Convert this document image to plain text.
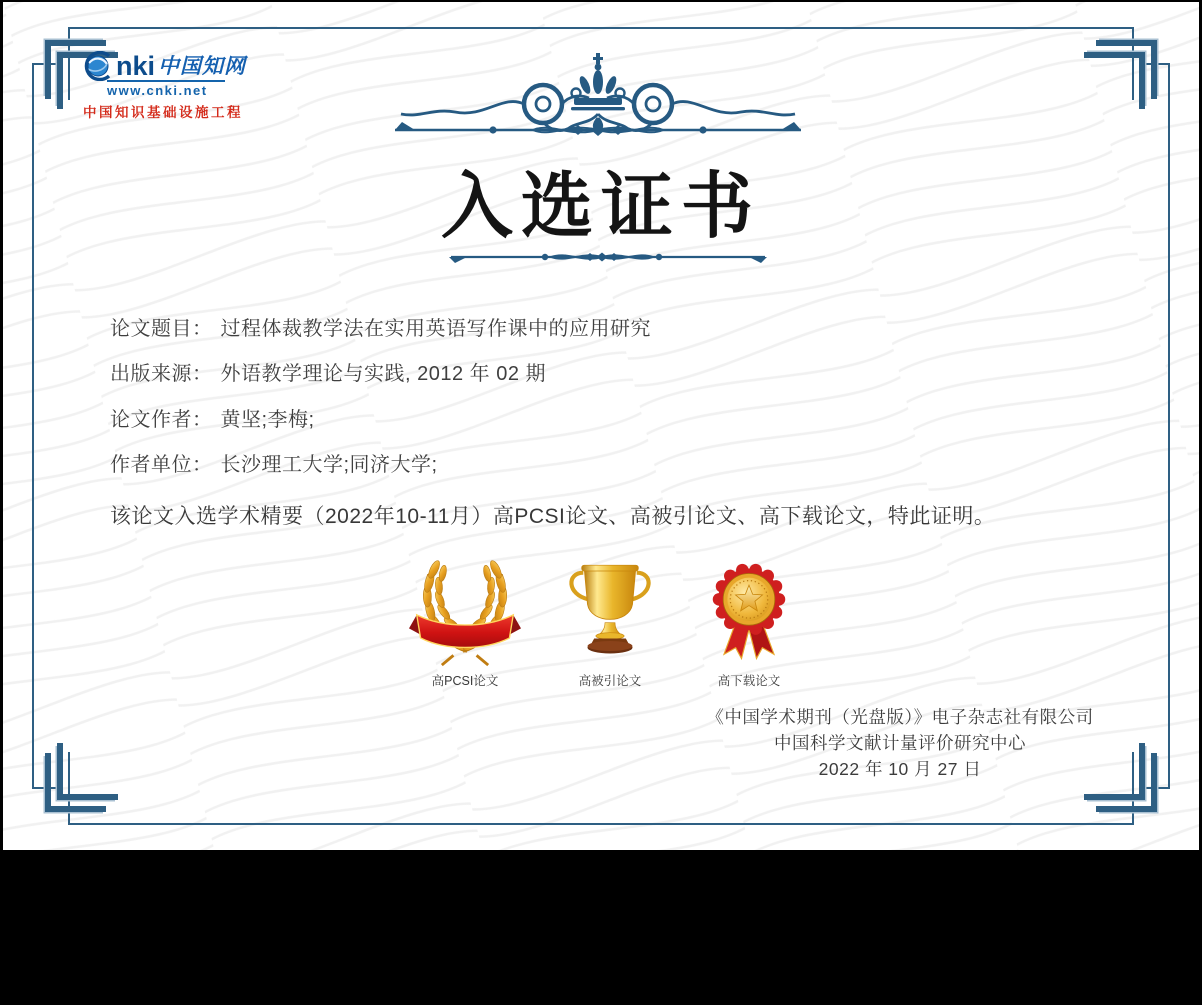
nki 中国知网
www.cnki.net
中国知识基础设施工程
入选证书
论文题目： 过程体裁教学法在实用英语写作课中的应用研究
出版来源： 外语教学理论与实践, 2012 年 02 期
论文作者： 黄坚;李梅;
作者单位： 长沙理工大学;同济大学;
该论文入选学术精要（2022年10-11月）高PCSI论文、高被引论文、高下载论文，特此证明。
高PCSI论文	高被引论文	高下载论文
《中国学术期刊（光盘版）》电子杂志社有限公司
中国科学文献计量评价研究中心
2022 年 10 月 27 日
